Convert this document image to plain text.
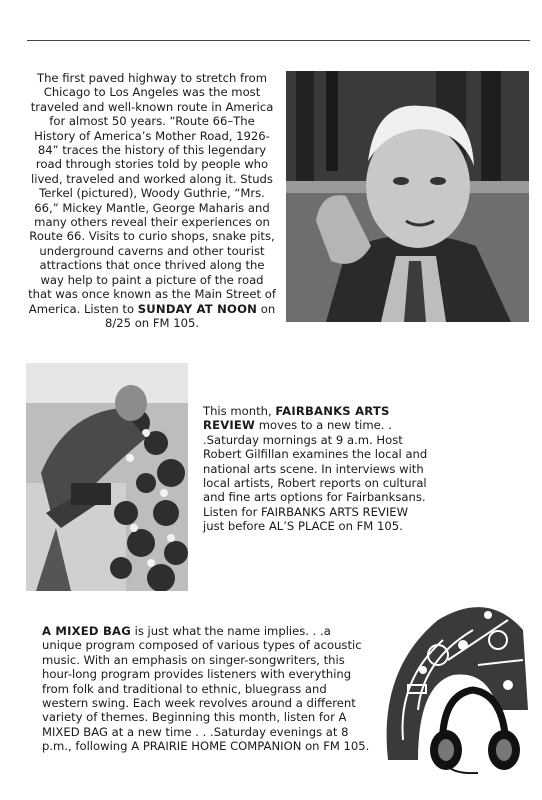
The first paved highway to stretch from Chicago to Los Angeles was the most traveled and well-known route in America for almost 50 years. “Route 66–The History of America’s Mother Road, 1926-84” traces the history of this legendary road through stories told by people who lived, traveled and worked along it. Studs Terkel (pictured), Woody Guthrie, “Mrs. 66,” Mickey Mantle, George Maharis and many others reveal their experiences on Route 66. Visits to curio shops, snake pits, underground caverns and other tourist attractions that once thrived along the way help to paint a picture of the road that was once known as the Main Street of America. Listen to SUNDAY AT NOON on 8/25 on FM 105.
This month, FAIRBANKS ARTS REVIEW moves to a new time. . .Saturday mornings at 9 a.m. Host Robert Gilfillan examines the local and national arts scene. In interviews with local artists, Robert reports on cultural and fine arts options for Fairbanksans. Listen for FAIRBANKS ARTS REVIEW just before AL’S PLACE on FM 105.
A MIXED BAG is just what the name implies. . .a unique program composed of various types of acoustic music. With an emphasis on singer-songwriters, this hour-long program provides listeners with everything from folk and traditional to ethnic, bluegrass and western swing. Each week revolves around a different variety of themes. Beginning this month, listen for A MIXED BAG at a new time . . .Saturday evenings at 8 p.m., following A PRAIRIE HOME COMPANION on FM 105.
